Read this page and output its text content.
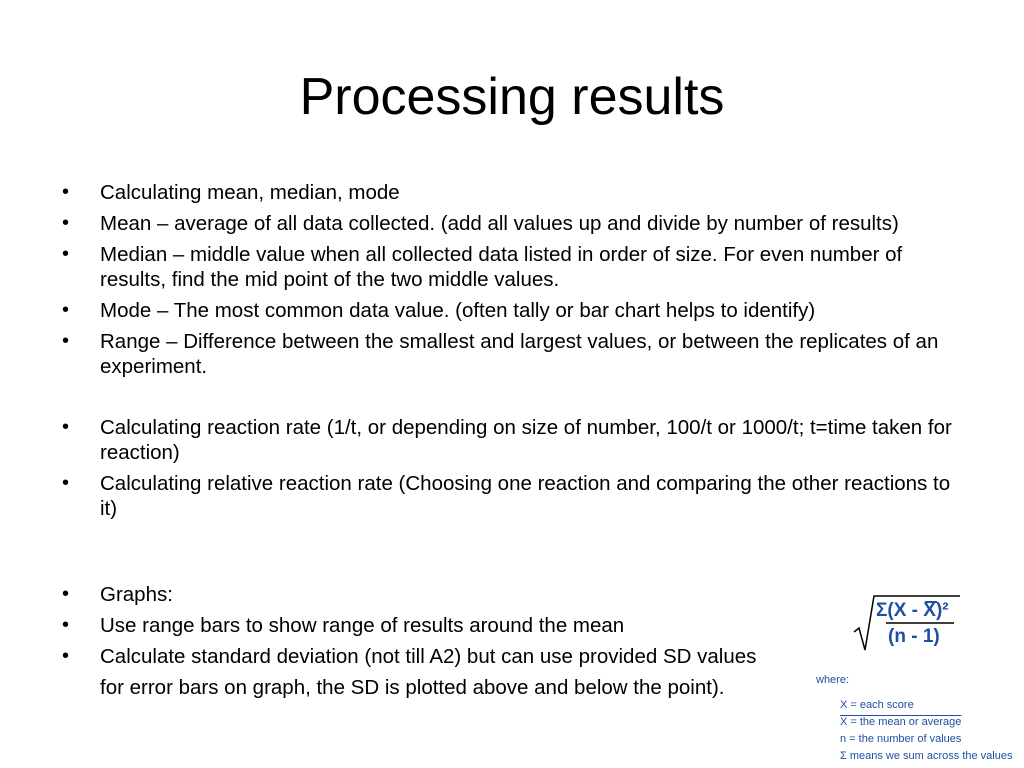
Processing results
• Calculating mean, median, mode
• Mean – average of all data collected. (add all values up and divide by number of results)
• Median – middle value when all collected data listed in order of size. For even number of results, find the mid point of the two middle values.
• Mode – The most common data value. (often tally or bar chart helps to identify)
• Range – Difference between the smallest and largest values, or between the replicates of an experiment.
• Calculating reaction rate (1/t, or depending on size of number, 100/t or 1000/t; t=time taken for reaction)
• Calculating relative reaction rate (Choosing one reaction and comparing the other reactions to it)
• Graphs:
• Use range bars to show range of results around the mean
• Calculate standard deviation (not till A2) but can use provided SD values
for error bars on graph, the SD is plotted above and below the point).
Σ(X - X)²
(n - 1)
where:
X = each score
X = the mean or average
n = the number of values
Σ means we sum across the values
